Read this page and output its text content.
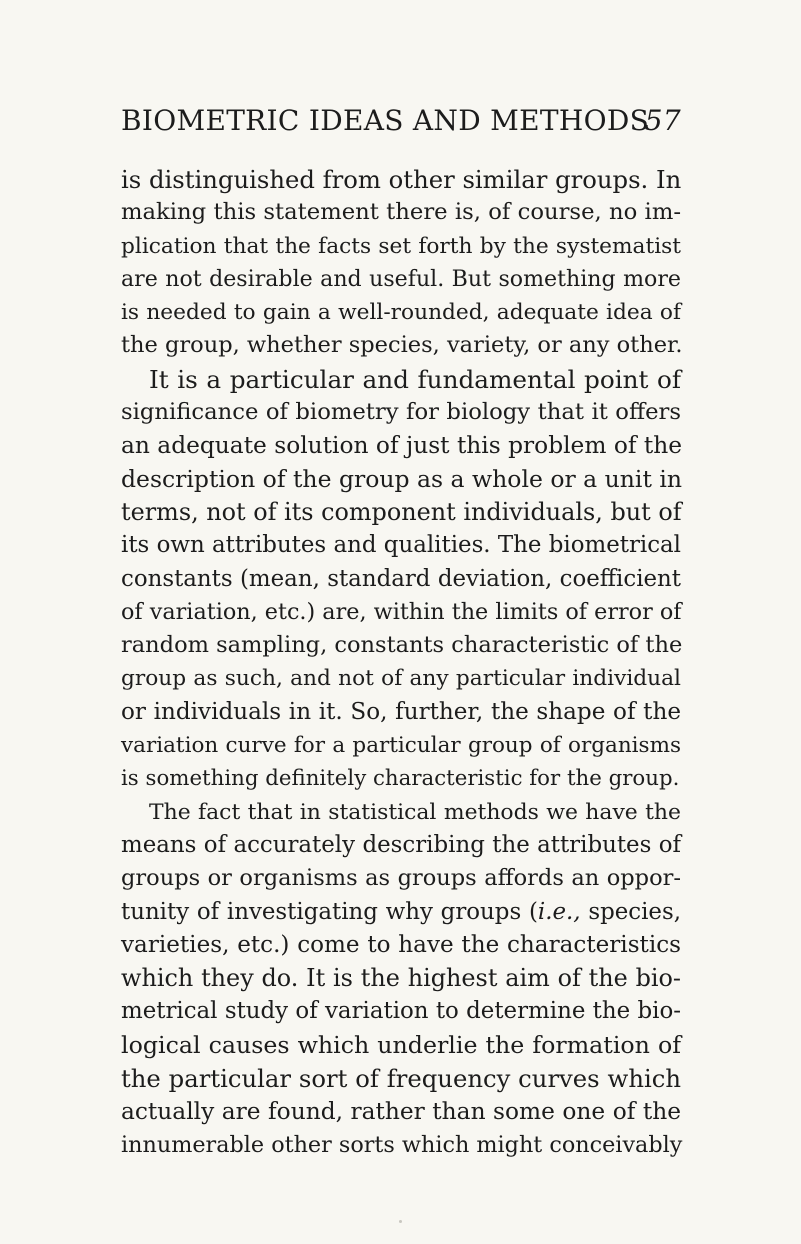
BIOMETRIC IDEAS AND METHODS
57
is distinguished from other similar groups. In
making this statement there is, of course, no im-
plication that the facts set forth by the systematist
are not desirable and useful. But something more
is needed to gain a well-rounded, adequate idea of
the group, whether species, variety, or any other.
It is a particular and fundamental point of
significance of biometry for biology that it offers
an adequate solution of just this problem of the
description of the group as a whole or a unit in
terms, not of its component individuals, but of
its own attributes and qualities. The biometrical
constants (mean, standard deviation, coefficient
of variation, etc.) are, within the limits of error of
random sampling, constants characteristic of the
group as such, and not of any particular individual
or individuals in it. So, further, the shape of the
variation curve for a particular group of organisms
is something definitely characteristic for the group.
The fact that in statistical methods we have the
means of accurately describing the attributes of
groups or organisms as groups affords an oppor-
tunity of investigating why groups (i.e., species,
varieties, etc.) come to have the characteristics
which they do. It is the highest aim of the bio-
metrical study of variation to determine the bio-
logical causes which underlie the formation of
the particular sort of frequency curves which
actually are found, rather than some one of the
innumerable other sorts which might conceivably
